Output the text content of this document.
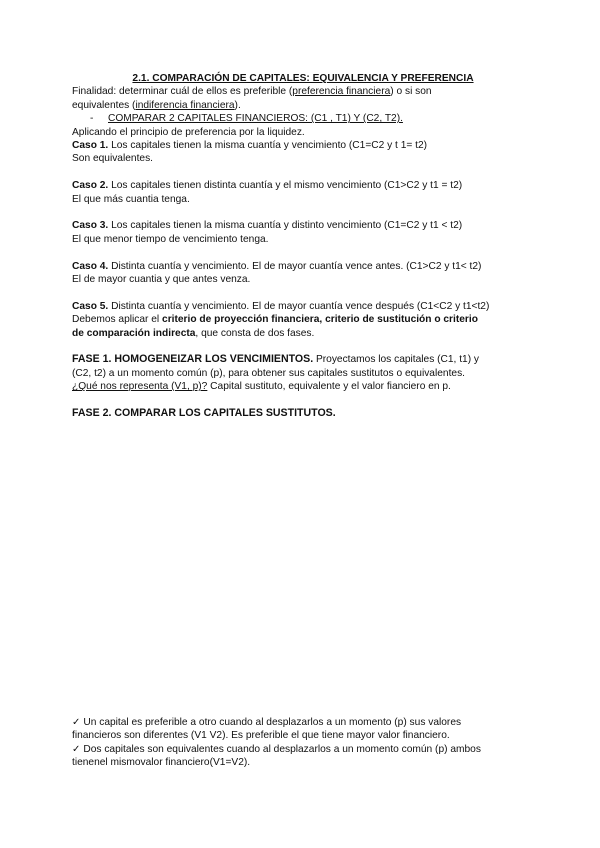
2.1. COMPARACIÓN DE CAPITALES: EQUIVALENCIA Y PREFERENCIA

Finalidad: determinar cuál de ellos es preferible (preferencia financiera) o si son

equivalentes (indiferencia financiera).

- COMPARAR 2 CAPITALES FINANCIEROS: (C1 , T1) Y (C2, T2).

Aplicando el principio de preferencia por la liquidez.

Caso 1. Los capitales tienen la misma cuantía y vencimiento (C1=C2 y t 1= t2)

Son equivalentes.

Caso 2. Los capitales tienen distinta cuantía y el mismo vencimiento (C1>C2 y t1 = t2)

El que más cuantia tenga.

Caso 3. Los capitales tienen la misma cuantía y distinto vencimiento (C1=C2 y t1 < t2)

El que menor tiempo de vencimiento tenga.

Caso 4. Distinta cuantía y vencimiento. El de mayor cuantía vence antes. (C1>C2 y t1< t2)

El de mayor cuantia y que antes venza.

Caso 5. Distinta cuantía y vencimiento. El de mayor cuantía vence después (C1<C2 y t1<t2)

Debemos aplicar el criterio de proyección financiera, criterio de sustitución o criterio

de comparación indirecta, que consta de dos fases.

FASE 1. HOMOGENEIZAR LOS VENCIMIENTOS. Proyectamos los capitales (C1, t1) y

(C2, t2) a un momento común (p), para obtener sus capitales sustitutos o equivalentes.

¿Qué nos representa (V1, p)? Capital sustituto, equivalente y el valor fianciero en p.

FASE 2. COMPARAR LOS CAPITALES SUSTITUTOS.

✓ Un capital es preferible a otro cuando al desplazarlos a un momento (p) sus valores

financieros son diferentes (V1 V2). Es preferible el que tiene mayor valor financiero.

✓ Dos capitales son equivalentes cuando al desplazarlos a un momento común (p) ambos

tienenel mismovalor financiero(V1=V2).
